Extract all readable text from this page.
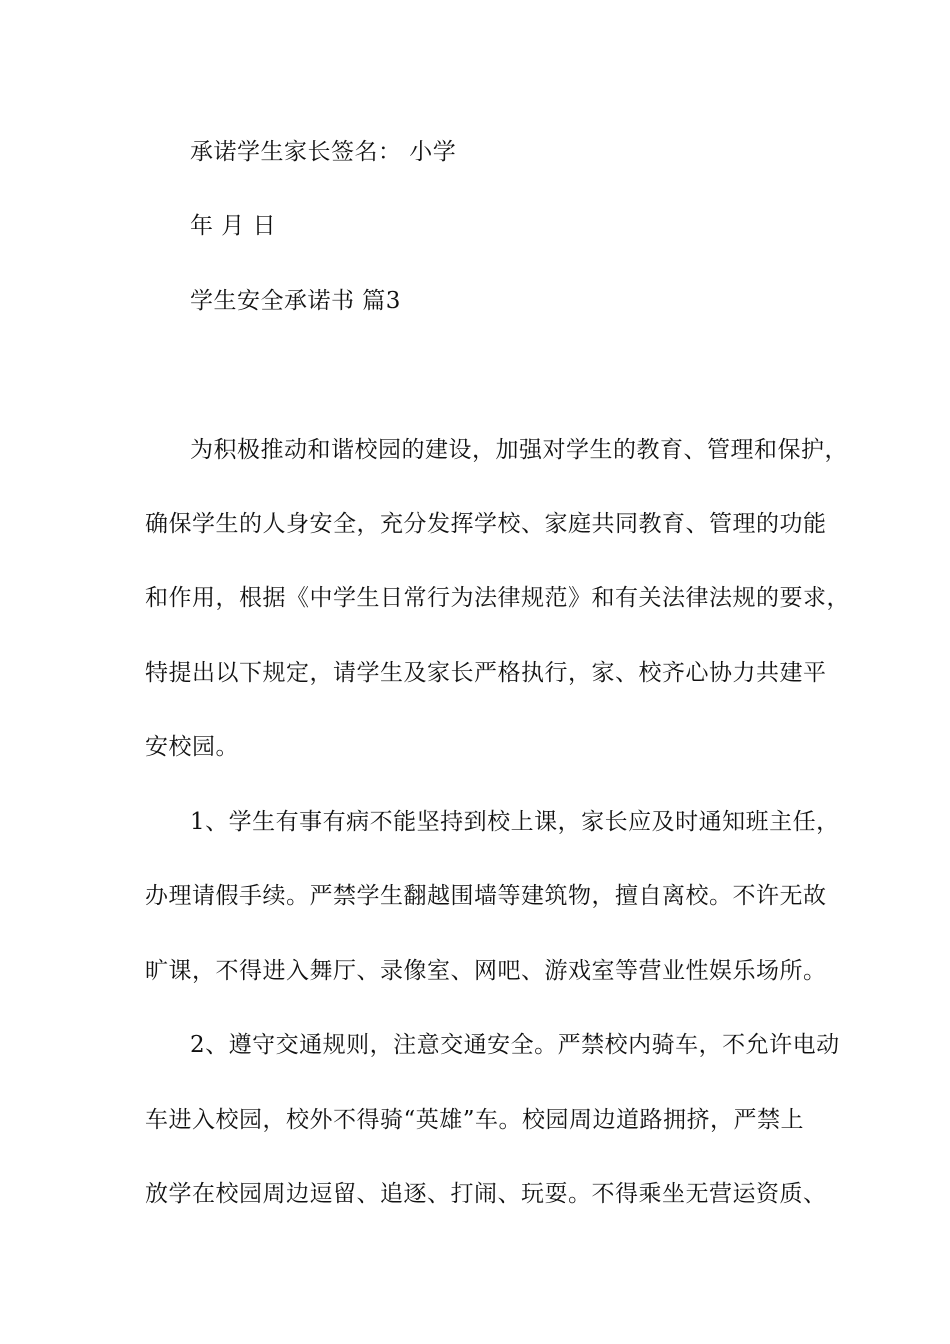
承诺学生家长签名： 小学
年 月 日
学生安全承诺书 篇3
为积极推动和谐校园的建设，加强对学生的教育、管理和保护，
确保学生的人身安全，充分发挥学校、家庭共同教育、管理的功能
和作用，根据《中学生日常行为法律规范》和有关法律法规的要求，
特提出以下规定，请学生及家长严格执行，家、校齐心协力共建平
安校园。
1、学生有事有病不能坚持到校上课，家长应及时通知班主任，
办理请假手续。严禁学生翻越围墙等建筑物，擅自离校。不许无故
旷课，不得进入舞厅、录像室、网吧、游戏室等营业性娱乐场所。
2、遵守交通规则，注意交通安全。严禁校内骑车，不允许电动
车进入校园，校外不得骑“英雄”车。校园周边道路拥挤，严禁上
放学在校园周边逗留、追逐、打闹、玩耍。不得乘坐无营运资质、
